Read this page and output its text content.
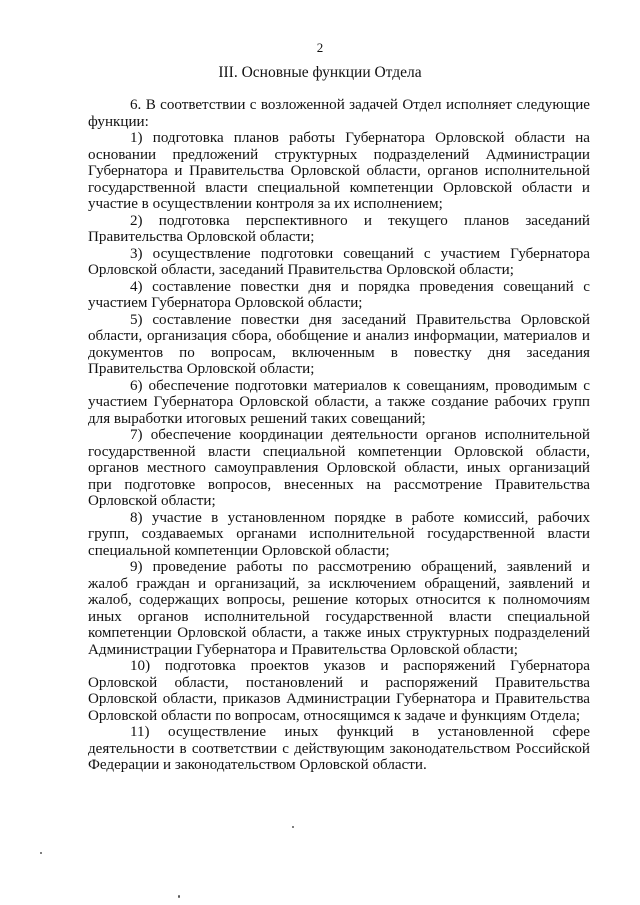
2
III. Основные функции Отдела

6. В соответствии с возложенной задачей Отдел исполняет следующие функции:

1) подготовка планов работы Губернатора Орловской области на основании предложений структурных подразделений Администрации Губернатора и Правительства Орловской области, органов исполнительной государственной власти специальной компетенции Орловской области и участие в осуществлении контроля за их исполнением;

2) подготовка перспективного и текущего планов заседаний Правительства Орловской области;

3) осуществление подготовки совещаний с участием Губернатора Орловской области, заседаний Правительства Орловской области;

4) составление повестки дня и порядка проведения совещаний с участием Губернатора Орловской области;

5) составление повестки дня заседаний Правительства Орловской области, организация сбора, обобщение и анализ информации, материалов и документов по вопросам, включенным в повестку дня заседания Правительства Орловской области;

6) обеспечение подготовки материалов к совещаниям, проводимым с участием Губернатора Орловской области, а также создание рабочих групп для выработки итоговых решений таких совещаний;

7) обеспечение координации деятельности органов исполнительной государственной власти специальной компетенции Орловской области, органов местного самоуправления Орловской области, иных организаций при подготовке вопросов, внесенных на рассмотрение Правительства Орловской области;

8) участие в установленном порядке в работе комиссий, рабочих групп, создаваемых органами исполнительной государственной власти специальной компетенции Орловской области;

9) проведение работы по рассмотрению обращений, заявлений и жалоб граждан и организаций, за исключением обращений, заявлений и жалоб, содержащих вопросы, решение которых относится к полномочиям иных органов исполнительной государственной власти специальной компетенции Орловской области, а также иных структурных подразделений Администрации Губернатора и Правительства Орловской области;

10) подготовка проектов указов и распоряжений Губернатора Орловской области, постановлений и распоряжений Правительства Орловской области, приказов Администрации Губернатора и Правительства Орловской области по вопросам, относящимся к задаче и функциям Отдела;

11) осуществление иных функций в установленной сфере деятельности в соответствии с действующим законодательством Российской Федерации и законодательством Орловской области.
